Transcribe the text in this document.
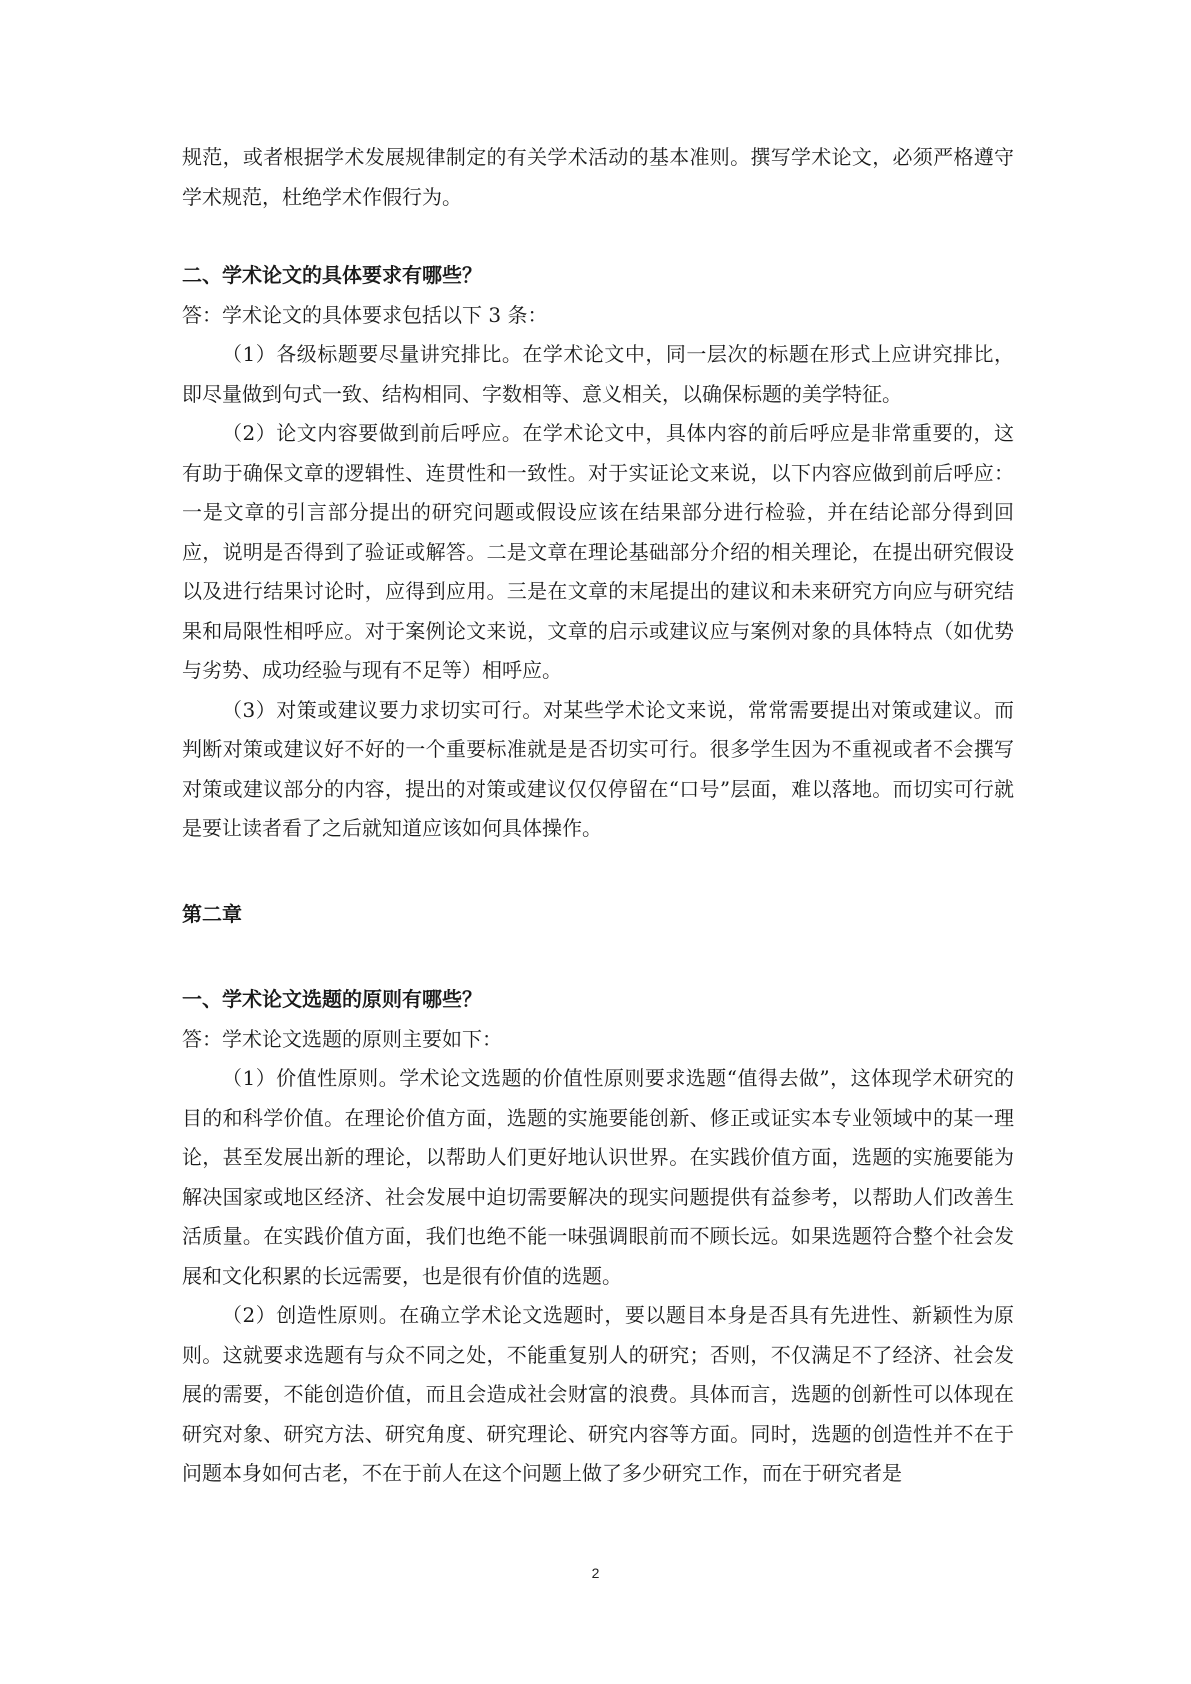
规范，或者根据学术发展规律制定的有关学术活动的基本准则。撰写学术论文，必须严格遵守学术规范，杜绝学术作假行为。

二、学术论文的具体要求有哪些？

答：学术论文的具体要求包括以下 3 条：

（1）各级标题要尽量讲究排比。在学术论文中，同一层次的标题在形式上应讲究排比，即尽量做到句式一致、结构相同、字数相等、意义相关，以确保标题的美学特征。

（2）论文内容要做到前后呼应。在学术论文中，具体内容的前后呼应是非常重要的，这有助于确保文章的逻辑性、连贯性和一致性。对于实证论文来说，以下内容应做到前后呼应：一是文章的引言部分提出的研究问题或假设应该在结果部分进行检验，并在结论部分得到回应，说明是否得到了验证或解答。二是文章在理论基础部分介绍的相关理论，在提出研究假设以及进行结果讨论时，应得到应用。三是在文章的末尾提出的建议和未来研究方向应与研究结果和局限性相呼应。对于案例论文来说，文章的启示或建议应与案例对象的具体特点（如优势与劣势、成功经验与现有不足等）相呼应。

（3）对策或建议要力求切实可行。对某些学术论文来说，常常需要提出对策或建议。而判断对策或建议好不好的一个重要标准就是是否切实可行。很多学生因为不重视或者不会撰写对策或建议部分的内容，提出的对策或建议仅仅停留在“口号”层面，难以落地。而切实可行就是要让读者看了之后就知道应该如何具体操作。

第二章

一、学术论文选题的原则有哪些？

答：学术论文选题的原则主要如下：

（1）价值性原则。学术论文选题的价值性原则要求选题“值得去做”，这体现学术研究的目的和科学价值。在理论价值方面，选题的实施要能创新、修正或证实本专业领域中的某一理论，甚至发展出新的理论，以帮助人们更好地认识世界。在实践价值方面，选题的实施要能为解决国家或地区经济、社会发展中迫切需要解决的现实问题提供有益参考，以帮助人们改善生活质量。在实践价值方面，我们也绝不能一味强调眼前而不顾长远。如果选题符合整个社会发展和文化积累的长远需要，也是很有价值的选题。

（2）创造性原则。在确立学术论文选题时，要以题目本身是否具有先进性、新颖性为原则。这就要求选题有与众不同之处，不能重复别人的研究；否则，不仅满足不了经济、社会发展的需要，不能创造价值，而且会造成社会财富的浪费。具体而言，选题的创新性可以体现在研究对象、研究方法、研究角度、研究理论、研究内容等方面。同时，选题的创造性并不在于问题本身如何古老，不在于前人在这个问题上做了多少研究工作，而在于研究者是

2
